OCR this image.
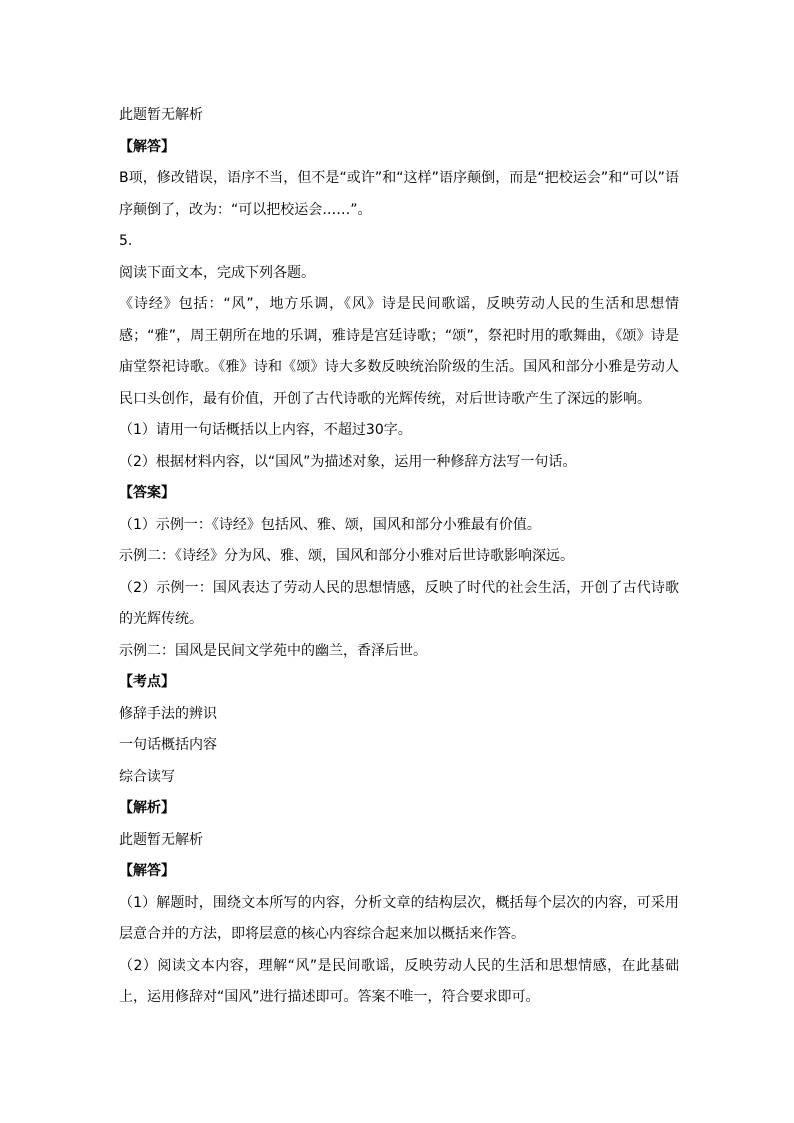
此题暂无解析
【解答】
B项，修改错误，语序不当，但不是“或许”和“这样”语序颠倒，而是“把校运会”和“可以”语序颠倒了，改为：“可以把校运会……”。
5.
阅读下面文本，完成下列各题。
《诗经》包括：“风”，地方乐调，《风》诗是民间歌谣，反映劳动人民的生活和思想情感；“雅”，周王朝所在地的乐调，雅诗是宫廷诗歌；“颂”，祭祀时用的歌舞曲，《颂》诗是庙堂祭祀诗歌。《雅》诗和《颂》诗大多数反映统治阶级的生活。国风和部分小雅是劳动人民口头创作，最有价值，开创了古代诗歌的光辉传统，对后世诗歌产生了深远的影响。
（1）请用一句话概括以上内容，不超过30字。
（2）根据材料内容，以“国风”为描述对象，运用一种修辞方法写一句话。
【答案】
（1）示例一：《诗经》包括风、雅、颂，国风和部分小雅最有价值。
示例二：《诗经》分为风、雅、颂，国风和部分小雅对后世诗歌影响深远。
（2）示例一：国风表达了劳动人民的思想情感，反映了时代的社会生活，开创了古代诗歌的光辉传统。
示例二：国风是民间文学苑中的幽兰，香泽后世。
【考点】
修辞手法的辨识
一句话概括内容
综合读写
【解析】
此题暂无解析
【解答】
（1）解题时，围绕文本所写的内容，分析文章的结构层次，概括每个层次的内容，可采用层意合并的方法，即将层意的核心内容综合起来加以概括来作答。
（2）阅读文本内容，理解“风”是民间歌谣，反映劳动人民的生活和思想情感，在此基础上，运用修辞对“国风”进行描述即可。答案不唯一，符合要求即可。
